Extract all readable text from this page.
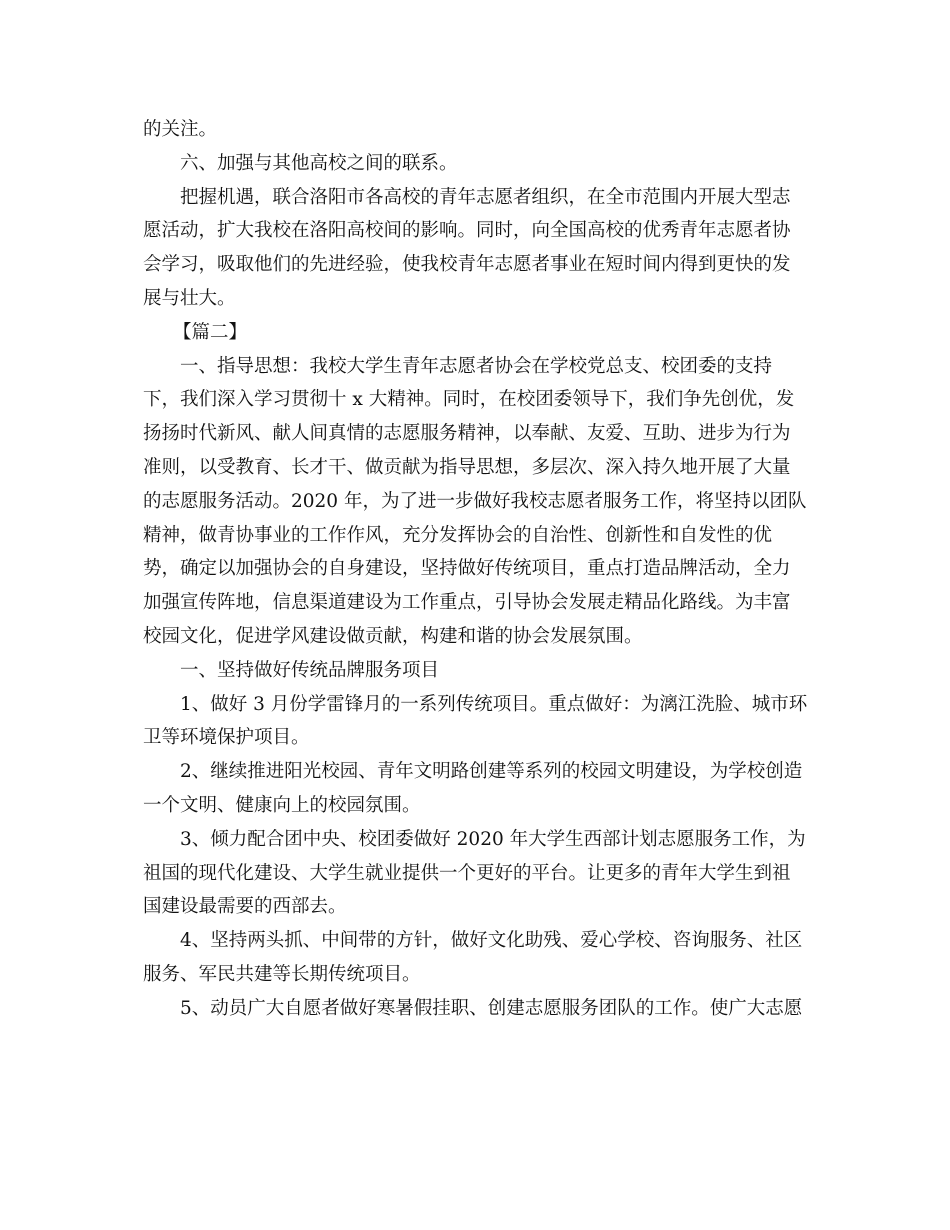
的关注。
六、加强与其他高校之间的联系。
把握机遇，联合洛阳市各高校的青年志愿者组织，在全市范围内开展大型志
愿活动，扩大我校在洛阳高校间的影响。同时，向全国高校的优秀青年志愿者协
会学习，吸取他们的先进经验，使我校青年志愿者事业在短时间内得到更快的发
展与壮大。
【篇二】
一、指导思想：我校大学生青年志愿者协会在学校党总支、校团委的支持
下，我们深入学习贯彻十 x 大精神。同时，在校团委领导下，我们争先创优，发
扬扬时代新风、献人间真情的志愿服务精神，以奉献、友爱、互助、进步为行为
准则，以受教育、长才干、做贡献为指导思想，多层次、深入持久地开展了大量
的志愿服务活动。2020 年，为了进一步做好我校志愿者服务工作，将坚持以团队
精神，做青协事业的工作作风，充分发挥协会的自治性、创新性和自发性的优
势，确定以加强协会的自身建设，坚持做好传统项目，重点打造品牌活动，全力
加强宣传阵地，信息渠道建设为工作重点，引导协会发展走精品化路线。为丰富
校园文化，促进学风建设做贡献，构建和谐的协会发展氛围。
一、坚持做好传统品牌服务项目
1、做好 3 月份学雷锋月的一系列传统项目。重点做好：为漓江洗脸、城市环
卫等环境保护项目。
2、继续推进阳光校园、青年文明路创建等系列的校园文明建设，为学校创造
一个文明、健康向上的校园氛围。
3、倾力配合团中央、校团委做好 2020 年大学生西部计划志愿服务工作，为
祖国的现代化建设、大学生就业提供一个更好的平台。让更多的青年大学生到祖
国建设最需要的西部去。
4、坚持两头抓、中间带的方针，做好文化助残、爱心学校、咨询服务、社区
服务、军民共建等长期传统项目。
5、动员广大自愿者做好寒暑假挂职、创建志愿服务团队的工作。使广大志愿
